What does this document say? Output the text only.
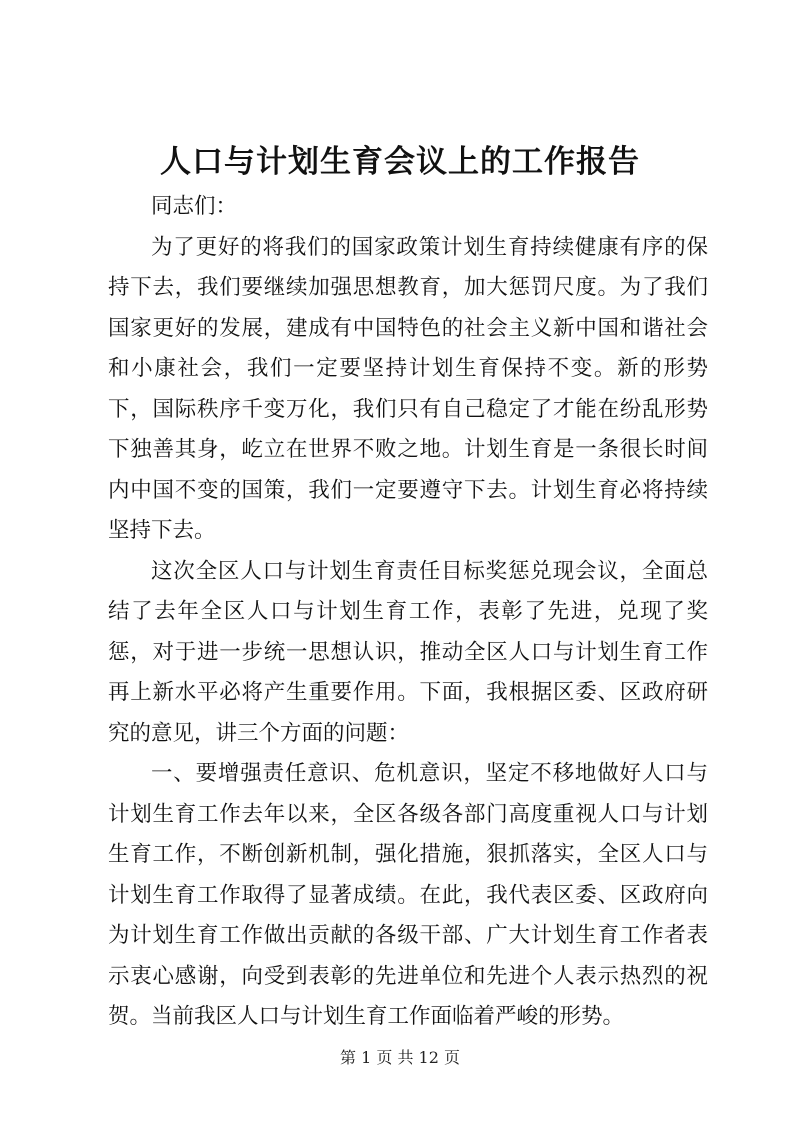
人口与计划生育会议上的工作报告

同志们：

为了更好的将我们的国家政策计划生育持续健康有序的保持下去，我们要继续加强思想教育，加大惩罚尺度。为了我们国家更好的发展，建成有中国特色的社会主义新中国和谐社会和小康社会，我们一定要坚持计划生育保持不变。新的形势下，国际秩序千变万化，我们只有自己稳定了才能在纷乱形势下独善其身，屹立在世界不败之地。计划生育是一条很长时间内中国不变的国策，我们一定要遵守下去。计划生育必将持续坚持下去。

这次全区人口与计划生育责任目标奖惩兑现会议，全面总结了去年全区人口与计划生育工作，表彰了先进，兑现了奖惩，对于进一步统一思想认识，推动全区人口与计划生育工作再上新水平必将产生重要作用。下面，我根据区委、区政府研究的意见，讲三个方面的问题：

一、要增强责任意识、危机意识，坚定不移地做好人口与计划生育工作去年以来，全区各级各部门高度重视人口与计划生育工作，不断创新机制，强化措施，狠抓落实，全区人口与计划生育工作取得了显著成绩。在此，我代表区委、区政府向为计划生育工作做出贡献的各级干部、广大计划生育工作者表示衷心感谢，向受到表彰的先进单位和先进个人表示热烈的祝贺。当前我区人口与计划生育工作面临着严峻的形势。

第 1 页 共 12 页
